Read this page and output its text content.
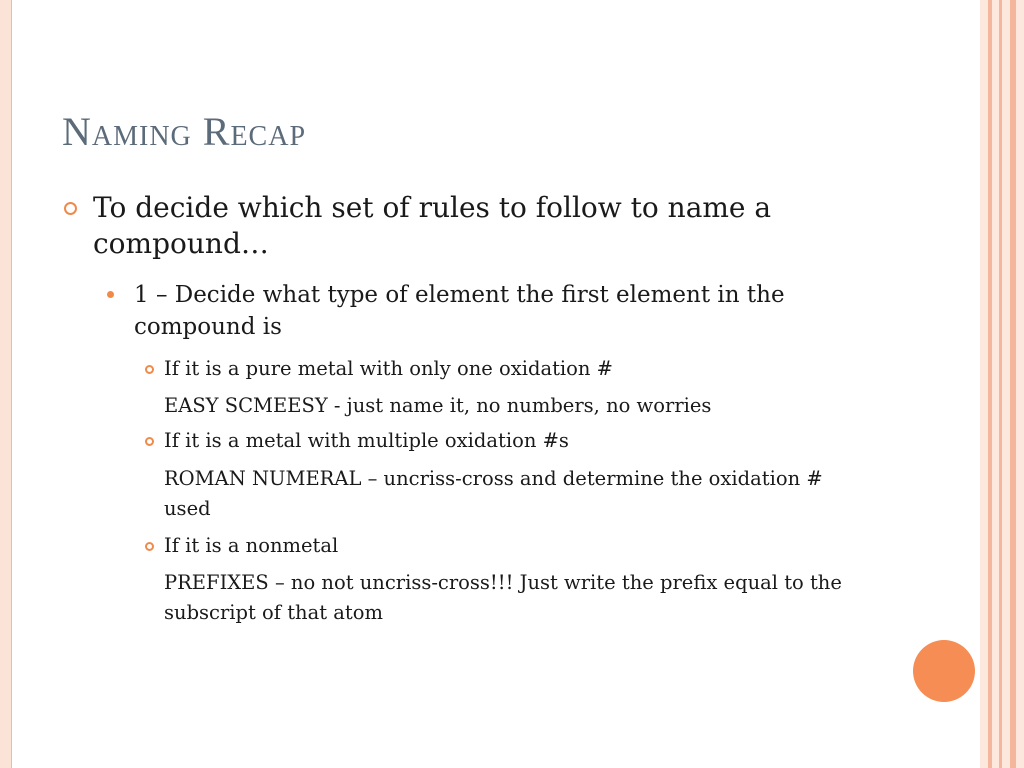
Naming Recap
To decide which set of rules to follow to name a compound…
1 – Decide what type of element the first element in the compound is
If it is a pure metal with only one oxidation #
EASY SCMEESY - just name it, no numbers, no worries
If it is a metal with multiple oxidation #s
ROMAN NUMERAL – uncriss-cross and determine the oxidation # used
If it is a nonmetal
PREFIXES – no not uncriss-cross!!! Just write the prefix equal to the subscript of that atom
